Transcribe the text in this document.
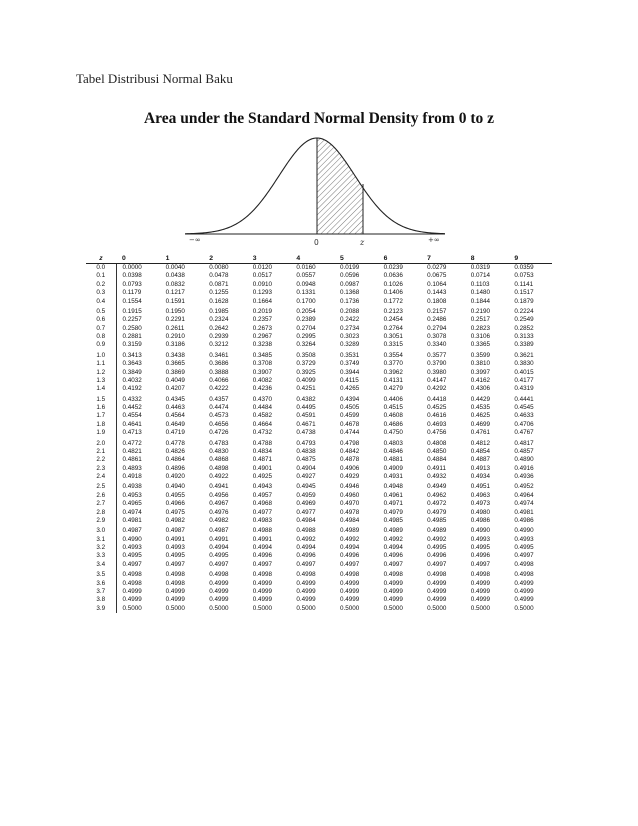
Tabel Distribusi Normal Baku
Area under the Standard Normal Density from 0 to z
−∞	0	z	+∞
z	0	1	2	3	4	5	6	7	8	9
0.0	0.0000	0.0040	0.0080	0.0120	0.0160	0.0199	0.0239	0.0279	0.0319	0.0359
0.1	0.0398	0.0438	0.0478	0.0517	0.0557	0.0596	0.0636	0.0675	0.0714	0.0753
0.2	0.0793	0.0832	0.0871	0.0910	0.0948	0.0987	0.1026	0.1064	0.1103	0.1141
0.3	0.1179	0.1217	0.1255	0.1293	0.1331	0.1368	0.1406	0.1443	0.1480	0.1517
0.4	0.1554	0.1591	0.1628	0.1664	0.1700	0.1736	0.1772	0.1808	0.1844	0.1879
0.5	0.1915	0.1950	0.1985	0.2019	0.2054	0.2088	0.2123	0.2157	0.2190	0.2224
0.6	0.2257	0.2291	0.2324	0.2357	0.2389	0.2422	0.2454	0.2486	0.2517	0.2549
0.7	0.2580	0.2611	0.2642	0.2673	0.2704	0.2734	0.2764	0.2794	0.2823	0.2852
0.8	0.2881	0.2910	0.2939	0.2967	0.2995	0.3023	0.3051	0.3078	0.3106	0.3133
0.9	0.3159	0.3186	0.3212	0.3238	0.3264	0.3289	0.3315	0.3340	0.3365	0.3389
1.0	0.3413	0.3438	0.3461	0.3485	0.3508	0.3531	0.3554	0.3577	0.3599	0.3621
1.1	0.3643	0.3665	0.3686	0.3708	0.3729	0.3749	0.3770	0.3790	0.3810	0.3830
1.2	0.3849	0.3869	0.3888	0.3907	0.3925	0.3944	0.3962	0.3980	0.3997	0.4015
1.3	0.4032	0.4049	0.4066	0.4082	0.4099	0.4115	0.4131	0.4147	0.4162	0.4177
1.4	0.4192	0.4207	0.4222	0.4236	0.4251	0.4265	0.4279	0.4292	0.4306	0.4319
1.5	0.4332	0.4345	0.4357	0.4370	0.4382	0.4394	0.4406	0.4418	0.4429	0.4441
1.6	0.4452	0.4463	0.4474	0.4484	0.4495	0.4505	0.4515	0.4525	0.4535	0.4545
1.7	0.4554	0.4564	0.4573	0.4582	0.4591	0.4599	0.4608	0.4616	0.4625	0.4633
1.8	0.4641	0.4649	0.4656	0.4664	0.4671	0.4678	0.4686	0.4693	0.4699	0.4706
1.9	0.4713	0.4719	0.4726	0.4732	0.4738	0.4744	0.4750	0.4756	0.4761	0.4767
2.0	0.4772	0.4778	0.4783	0.4788	0.4793	0.4798	0.4803	0.4808	0.4812	0.4817
2.1	0.4821	0.4826	0.4830	0.4834	0.4838	0.4842	0.4846	0.4850	0.4854	0.4857
2.2	0.4861	0.4864	0.4868	0.4871	0.4875	0.4878	0.4881	0.4884	0.4887	0.4890
2.3	0.4893	0.4896	0.4898	0.4901	0.4904	0.4906	0.4909	0.4911	0.4913	0.4916
2.4	0.4918	0.4920	0.4922	0.4925	0.4927	0.4929	0.4931	0.4932	0.4934	0.4936
2.5	0.4938	0.4940	0.4941	0.4943	0.4945	0.4946	0.4948	0.4949	0.4951	0.4952
2.6	0.4953	0.4955	0.4956	0.4957	0.4959	0.4960	0.4961	0.4962	0.4963	0.4964
2.7	0.4965	0.4966	0.4967	0.4968	0.4969	0.4970	0.4971	0.4972	0.4973	0.4974
2.8	0.4974	0.4975	0.4976	0.4977	0.4977	0.4978	0.4979	0.4979	0.4980	0.4981
2.9	0.4981	0.4982	0.4982	0.4983	0.4984	0.4984	0.4985	0.4985	0.4986	0.4986
3.0	0.4987	0.4987	0.4987	0.4988	0.4988	0.4989	0.4989	0.4989	0.4990	0.4990
3.1	0.4990	0.4991	0.4991	0.4991	0.4992	0.4992	0.4992	0.4992	0.4993	0.4993
3.2	0.4993	0.4993	0.4994	0.4994	0.4994	0.4994	0.4994	0.4995	0.4995	0.4995
3.3	0.4995	0.4995	0.4995	0.4996	0.4996	0.4996	0.4996	0.4996	0.4996	0.4997
3.4	0.4997	0.4997	0.4997	0.4997	0.4997	0.4997	0.4997	0.4997	0.4997	0.4998
3.5	0.4998	0.4998	0.4998	0.4998	0.4998	0.4998	0.4998	0.4998	0.4998	0.4998
3.6	0.4998	0.4998	0.4999	0.4999	0.4999	0.4999	0.4999	0.4999	0.4999	0.4999
3.7	0.4999	0.4999	0.4999	0.4999	0.4999	0.4999	0.4999	0.4999	0.4999	0.4999
3.8	0.4999	0.4999	0.4999	0.4999	0.4999	0.4999	0.4999	0.4999	0.4999	0.4999
3.9	0.5000	0.5000	0.5000	0.5000	0.5000	0.5000	0.5000	0.5000	0.5000	0.5000
